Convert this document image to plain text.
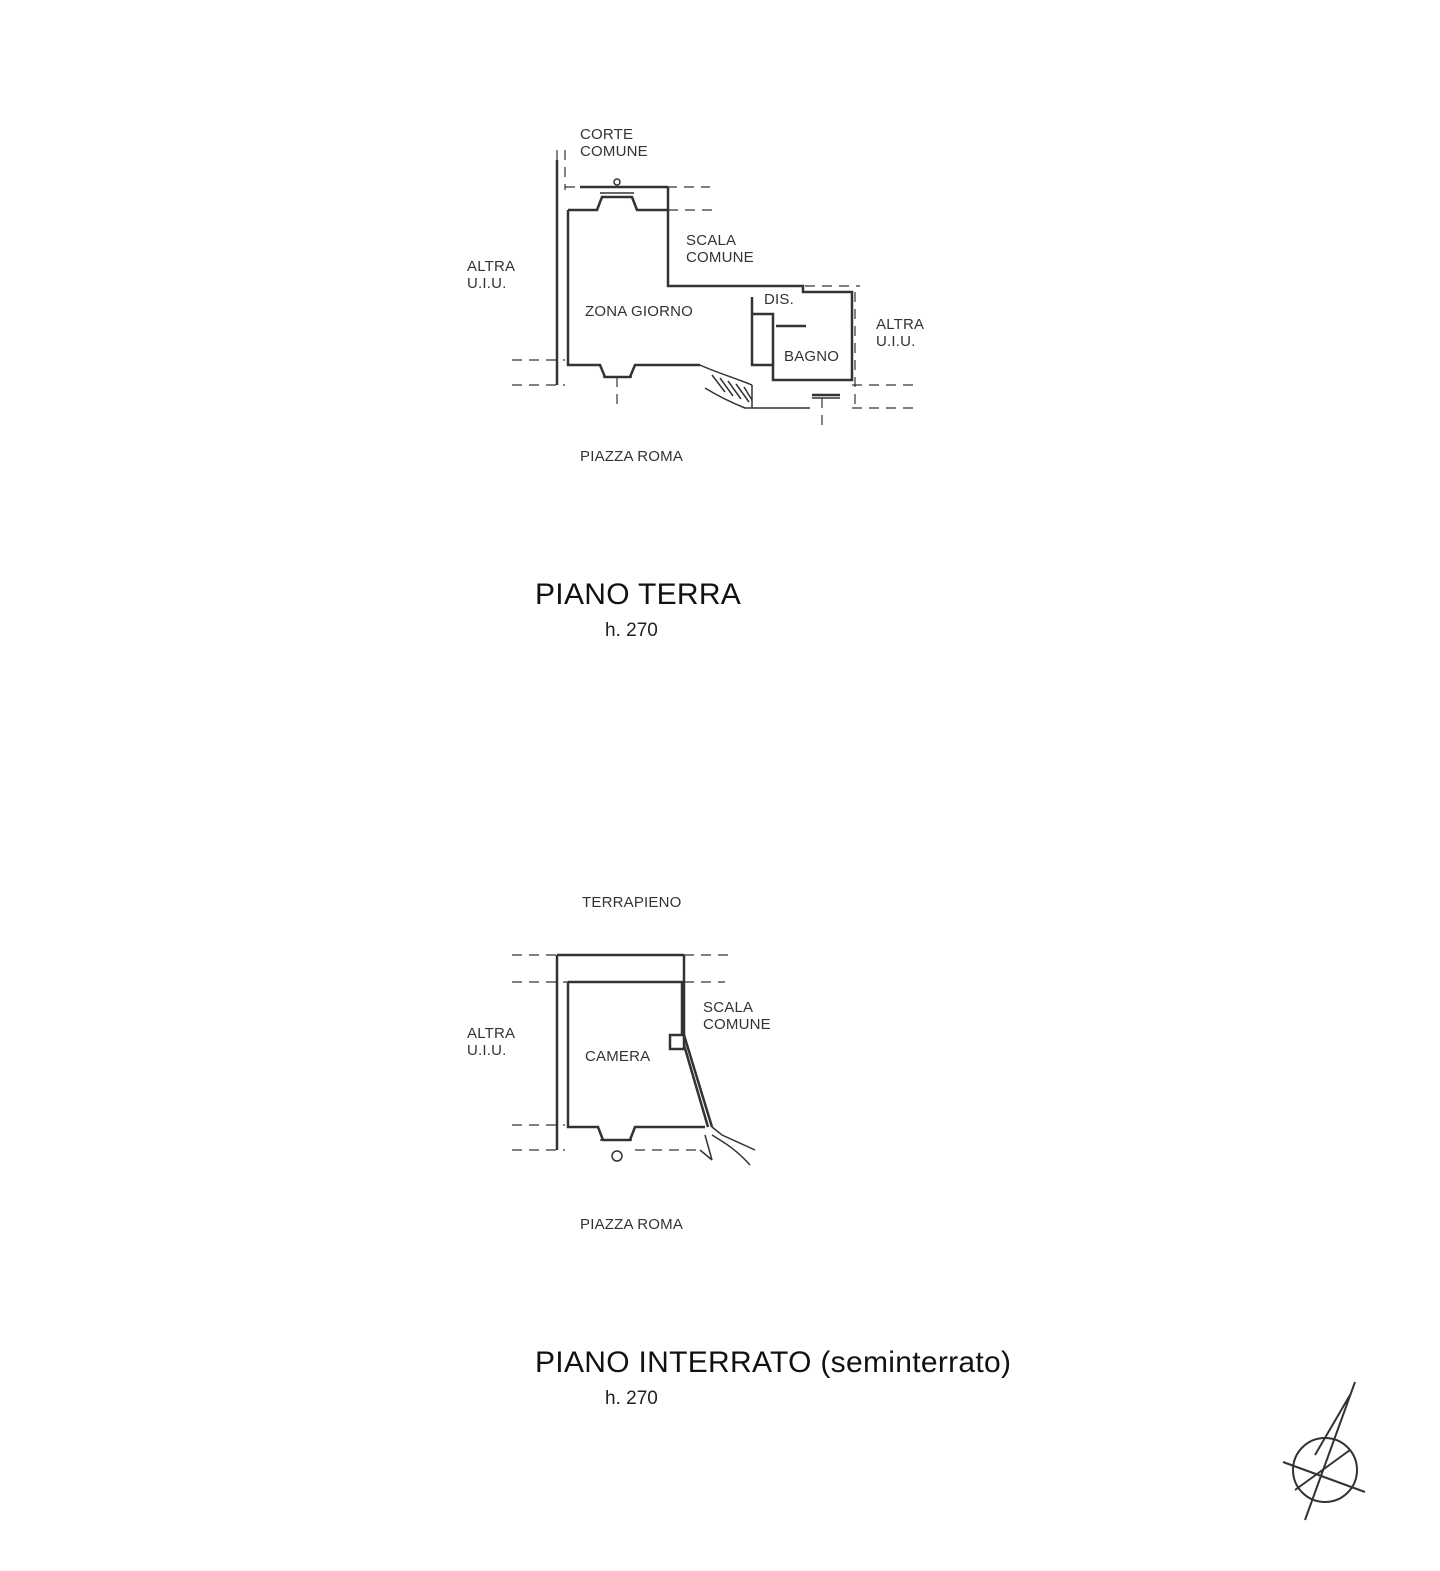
CORTE
COMUNE
SCALA
COMUNE
ALTRA
U.I.U.
ALTRA
U.I.U.
ZONA GIORNO
DIS.
BAGNO
PIAZZA ROMA
PIANO TERRA
h. 270
TERRAPIENO
SCALA
COMUNE
ALTRA
U.I.U.	CAMERA
PIAZZA ROMA
PIANO INTERRATO (seminterrato)
h. 270
